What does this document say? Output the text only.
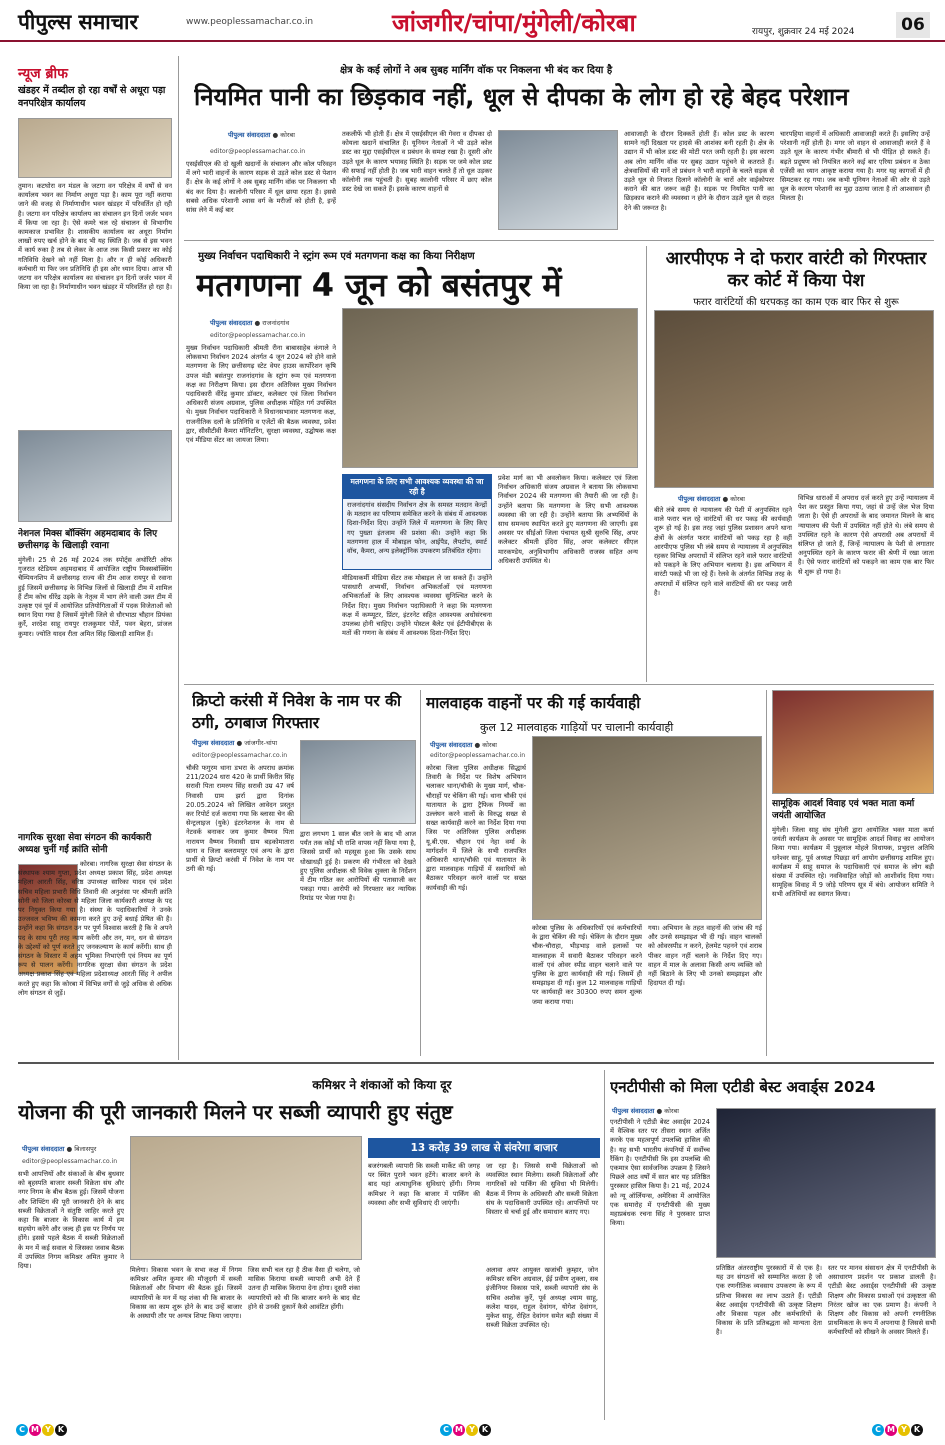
पीपुल्स समाचार	www.peoplessamachar.co.in	जांजगीर/चांपा/मुंगेली/कोरबा	रायपुर, शुक्रवार 24 मई 2024	06
न्यूज ब्रीफ
खंडहर में तब्दील हो रहा वर्षों से अधूरा पड़ा वनपरिक्षेत्र कार्यालय
तुमान। कटघोरा वन मंडल के जटगा वन परिक्षेत्र में वर्षों से वन कार्यालय भवन का निर्माण अधूरा पड़ा है। काम पूरा नहीं कराया जाने की वजह से निर्माणाधीन भवन खंडहर में परिवर्तित हो रही है। जटगा वन परिक्षेत्र कार्यालय का संचालन इन दिनों जर्जर भवन में किया जा रहा है। ऐसे कमरे चल रहे संचालन से विभागीय कामकाज प्रभावित है। शासकीय कार्यालय का अधूरा निर्माण लाखों रुपए खर्च होने के बाद भी यह स्थिति है। जब से इस भवन में कार्य रुका है तब से लेकर के आज तक किसी प्रकार का कोई गतिविधि देखने को नहीं मिला है। और न ही कोई अधिकारी कर्मचारी या फिर जन प्रतिनिधि ही इस ओर ध्यान दिया। आज भी जटगा वन परिक्षेत्र कार्यालय का संचालन इन दिनों जर्जर भवन में किया जा रहा है। निर्माणाधीन भवन खंडहर में परिवर्तित हो रहा है।
नेशनल मिक्स बॉक्सिंग अहमदाबाद के लिए छत्तीसगढ़ के खिलाड़ी रवाना
मुंगेली। 25 से 26 मई 2024 तक स्पोर्ट्स अथॉरिटी ऑफ गुजरात स्टेडियम अहमदाबाद में आयोजित राष्ट्रीय मिक्सबॉक्सिंग चैम्पियनशिप में छत्तीसगढ़ राज्य की टीम आज रायपुर से रवाना हुई जिसमें छत्तीसगढ़ के विभिन्न जिलों से खिलाड़ी टीम में शामिल हैं टीम कोच धीरेंद्र उइके के नेतृत्व में भाग लेने वाली उक्त टीम में उत्कृष्ट एवं पूर्व में आयोजित प्रतियोगिताओं में पदक विजेताओं को स्थान दिया गया है जिसमें मुंगेली जिले से धौरभाठा चौहान प्रियंका कुर्रे, शरदेश साहू रायपुर राजकुमार पोर्ते, पवन बेहरा, प्रांजल कुमार। ज्योति यादव रीता अमित सिंह खिलाड़ी शामिल हैं।
नागरिक सुरक्षा सेवा संगठन की कार्यकारी अध्यक्ष चुनीं गईं क्रांति सोनी
कोरबा। नागरिक सुरक्षा सेवा संगठन के संस्थापक श्याम गुप्ता, प्रदेश अध्यक्ष प्रकाश सिंह, प्रदेश अध्यक्ष महिला आरती सिंह, वरिष्ठ उपाध्यक्ष सारिका यादव एवं प्रदेश सचिव महिला प्रभारी विधि तिवारी की अनुशंसा पर श्रीमती क्रांति सोनी को जिला कोरबा से महिला जिला कार्यकारी अध्यक्ष के पद पर नियुक्त किया गया है। संस्था के पदाधिकारियों ने उनके उज्जवल भविष्य की कामना करते हुए उन्हें बधाई प्रेषित की है। उन्होंने कहा कि संगठन उन पर पूर्ण विश्वास करती है कि वे अपने पद के साथ पूरी तरह न्याय करेंगी और तन, मन, धन से संगठन के उद्देश्यों को पूर्ण करते हुए जनकल्याण के कार्य करेंगी। साथ ही संगठन के विस्तार में अहम भूमिका निभाएंगी एवं नियम का पूर्ण रूप से पालन करेंगी। नागरिक सुरक्षा सेवा संगठन के प्रदेश अध्यक्ष प्रकाश सिंह एवं महिला प्रदेशाध्यक्ष आरती सिंह ने अपील करते हुए कहा कि कोरबा में विभिन्न वर्गों से जुड़े अधिक से अधिक लोग संगठन से जुड़ें।
क्षेत्र के कई लोगों ने अब सुबह मार्निंग वॉक पर निकलना भी बंद कर दिया है
नियमित पानी का छिड़काव नहीं, धूल से दीपका के लोग हो रहे बेहद परेशान
पीपुल्स संवाददाता ● कोरबा
editor@peoplessamachar.co.in
एसईसीएल की दो खुली खदानों के संचालन और कोल परिवहन में लगे भारी वाहनों के कारण सड़क से उड़ते कोल डस्ट से पेशान हैं। क्षेत्र के कई लोगों ने अब सुबह मार्निंग वॉक पर निकलना भी बंद कर दिया है। कालोनी परिसर में धूल छाया रहता है। इससे सबसे अधिक परेशानी श्वास वर्ग के मरीजों को होती है, इन्हें सांस लेने में कई बार
तकलीफें भी होती हैं। क्षेत्र में एसईसीएल की गेवरा व दीपका दो कोयला खदानें संचालित हैं। यूनियन नेताओं ने भी उड़ते कोल डस्ट का मुद्दा एसईसीएल व प्रबंधन के समक्ष रखा है। दूसरी ओर उड़ते धूल के कारण भयावह स्थिति है। सड़क पर जमे कोल डस्ट की सफाई नहीं होती है। जब भारी वाहन चलते हैं तो धूल उड़कर कॉलोनी तक पहुंचती है। सुबह कालोनी परिसर में छाए कोल डस्ट देखे जा सकते हैं। इसके कारण वाहनों से
आवाजाही के दौरान दिक्कतें होती हैं। कोल डस्ट के कारण सामने नहीं दिखता पर हादसे की आशंका बनी रहती है। क्षेत्र के उद्यान में भी कोल डस्ट की मोटी परत जमी रहती है। इस कारण अब लोग मार्निंग वॉक पर सुबह उद्यान पहुंचने से कतराते हैं। क्षेत्रवासियों की मानें तो प्रबंधन ने भारी वाहनों के चलते सड़क से उड़ते धूल से निजात दिलाने कॉलोनी के चारों ओर वाईकोपरर कराने की बात जरूर कही है। सड़क पर नियमित पानी का छिड़काव कराने की व्यवस्था न होने के दौरान उड़ते धूल से राहत देने की जरूरत है।
चारपहिया वाहनों में अधिकारी आवाजाही करते हैं। इसलिए उन्हें परेशानी नहीं होती है। मगर जो वाहन से आवाजाही करते हैं वे उड़ते धूल के कारण गंभीर बीमारी से भी पीड़ित हो सकते हैं। बढ़ते प्रदूषण को नियंत्रित करने कई बार एरिया प्रबंधन व ठेका एजेंसी का ध्यान आकृष्ट कराया गया है। मगर यह कागजों में ही सिमटकर रह गया। जब कभी यूनियन नेताओं की ओर से उड़ते धूल के कारण परेशानी का मुद्दा उठाया जाता है तो आश्वासन ही मिलता है।
मुख्य निर्वाचन पदाधिकारी ने स्ट्रांग रूम एवं मतगणना कक्ष का किया निरीक्षण
मतगणना 4 जून को बसंतपुर में
पीपुल्स संवाददाता ● राजनांदगांव
editor@peoplessamachar.co.in
मुख्य निर्वाचन पदाधिकारी श्रीमती रीना बाबासाहेब कंगाले ने लोकसभा निर्वाचन 2024 अंतर्गत 4 जून 2024 को होने वाले मतगणना के लिए छत्तीसगढ़ स्टेट वेयर हाउस कार्पोरेशन कृषि उपज मंडी बसंतपुर राजनांदगांव के स्ट्रांग रूम एवं मतगणना कक्ष का निरीक्षण किया। इस दौरान अतिरिक्त मुख्य निर्वाचन पदाधिकारी वीरेंद्र कुमार डॉक्टर, कलेक्टर एवं जिला निर्वाचन अधिकारी संजय अग्रवाल, पुलिस अधीक्षक मोहित गर्ग उपस्थित थे। मुख्य निर्वाचन पदाधिकारी ने विधानसभावार मतगणना कक्ष, राजनीतिक दलों के प्रतिनिधि व एजेंटों की बैठक व्यवस्था, प्रवेश द्वार, सीसीटीवी कैमरा मॉनिटरिंग, सुरक्षा व्यवस्था, उद्घोषक कक्ष एवं मीडिया सेंटर का जायजा लिया।
मतगणना के लिए सभी आवश्यक व्यवस्था की जा रही है
राजनांदगांव संसदीय निर्वाचन क्षेत्र के समस्त मतदान केन्द्रों के मतदान का परिणाम समेकित करने के संबंध में आवश्यक दिशा-निर्देश दिए। उन्होंने जिले में मतगणना के लिए किए गए पुख्ता इंतजाम की प्रशंसा की। उन्होंने कहा कि मतगणना हाल में मोबाइल फोन, आईपैड, लैपटॉप, स्मार्ट वॉच, कैमरा, अन्य इलेक्ट्रॉनिक उपकरण प्रतिबंधित रहेगा।
मीडियाकर्मी मीडिया सेंटर तक मोबाइल ले जा सकते हैं। उन्होंने पासधारी अभ्यर्थी, निर्वाचन अभिकर्ताओं एवं मतगणना अभिकर्ताओं के लिए आवश्यक व्यवस्था सुनिश्चित करने के निर्देश दिए। मुख्य निर्वाचन पदाधिकारी ने कहा कि मतगणना कक्ष में कम्प्यूटर, प्रिंटर, इंटरनेट सहित आवश्यक अधोसंरचना उपलब्ध होनी चाहिए। उन्होंने पोस्टल बैलेट एवं ईटीपीबीएस के मतों की गणना के संबंध में आवश्यक दिशा-निर्देश दिए।
प्रवेश मार्ग का भी अवलोकन किया। कलेक्टर एवं जिला निर्वाचन अधिकारी संजय अग्रवाल ने बताया कि लोकसभा निर्वाचन 2024 की मतगणना की तैयारी की जा रही है। उन्होंने बताया कि मतगणना के लिए सभी आवश्यक व्यवस्था की जा रही है। उन्होंने बताया कि अभ्यर्थियों के साथ समन्वय स्थापित करते हुए मतगणना की जाएगी। इस अवसर पर सीईओ जिला पंचायत सुश्री सुरुचि सिंह, अपर कलेक्टर श्रीमती इंदिरा सिंह, अपर कलेक्टर सीएल मारकण्डेय, अनुविभागीय अधिकारी राजस्व सहित अन्य अधिकारी उपस्थित थे।
आरपीएफ ने दो फरार वारंटी को गिरफ्तार कर कोर्ट में किया पेश
फरार वारंटियों की धरपकड़ का काम एक बार फिर से शुरू
पीपुल्स संवाददाता ● कोरबा
बीते लंबे समय से न्यायालय की पेशी में अनुपस्थित रहने वाले फरार चल रहे वारंटियों की धर पकड़ की कार्यवाही शुरू हो गई है। इस तरह जहां पुलिस प्रशासन अपने थाना क्षेत्रों के अंतर्गत फरार वारंटियों को पकड़ रहा है वहीं आरपीएफ पुलिस भी लंबे समय से न्यायालय में अनुपस्थित रहकर विभिन्न अपराधों में संलिप्त रहने वाले फरार वारंटियों को पकड़ने के लिए अभियान चलाया है। इस अभियान में वारंटी पकड़े भी जा रहे हैं। रेलवे के अंतर्गत विभिन्न तरह के अपराधों में संलिप्त रहने वाले वारंटियों की धर पकड़ जारी है।
विभिन्न धाराओं में अपराध दर्ज करते हुए उन्हें न्यायालय में पेश कर प्रस्तुत किया गया, जहां से उन्हें जेल भेज दिया जाता है। ऐसे ही अपराधों के बाद जमानत मिलने के बाद न्यायालय की पेशी में उपस्थित नहीं होते थे। लंबे समय से उपस्थित रहने के कारण ऐसे अपराधी अब अपराधों में संलिप्त हो जाते हैं, जिन्हें न्यायालय के पेशी से लगातार अनुपस्थित रहने के कारण फरार की श्रेणी में रखा जाता है। ऐसे फरार वारंटियों को पकड़ने का काम एक बार फिर से शुरू हो गया है।
क्रिप्टो करंसी में निवेश के नाम पर की ठगी, ठगबाज गिरफ्तार
पीपुल्स संवाददाता ● जांजगीर-चांपा
editor@peoplessamachar.co.in
चौकी फगुरम थाना डभरा के अपराध क्रमांक 211/2024 धारा 420 के प्रार्थी किरीत सिंह सरावी पिता रामरुप सिंह सरावी उम्र 47 वर्ष निवासी ग्राम झर्रा द्वारा दिनांक 20.05.2024 को लिखित आवेदन प्रस्तुत कर रिपोर्ट दर्ज कराया गया कि ब्लासा चेन की सेन्ट्रलाइज (युके) इंटरनेशनल के नाम से नेटवर्क बनाकर जय कुमार वैष्णव पिता नारायण वैष्णव निवासी ग्राम बड़कोमातारा थाना व जिला बलरामपुर एवं अन्य के द्वारा प्रार्थी से क्रिप्टो करंसी में निवेश के नाम पर ठगी की गई।
द्वारा लगभग 1 साल बीत जाने के बाद भी आज पर्यंत तक कोई भी राशि वापस नहीं किया गया है, जिससे प्रार्थी को महसूस हुआ कि उसके साथ धोखाधड़ी हुई है। प्रकरण की गंभीरता को देखते हुए पुलिस अधीक्षक श्री विवेक शुक्ला के निर्देशन में टीम गठित कर आरोपियों की पतासाजी कर पकड़ा गया। आरोपी को गिरफ्तार कर न्यायिक रिमांड पर भेजा गया है।
मालवाहक वाहनों पर की गई कार्यवाही
कुल 12 मालवाहक गाड़ियों पर चालानी कार्यवाही
पीपुल्स संवाददाता ● कोरबा
editor@peoplessamachar.co.in
कोरबा जिला पुलिस अधीक्षक सिद्धार्थ तिवारी के निर्देश पर विशेष अभियान चलाकर थाना/चौकी के मुख्य मार्ग, चौक-चौराहों पर चेकिंग की गई। थाना चौकी एवं यातायात के द्वारा ट्रैफिक नियमों का उल्लंघन करने वालों के विरुद्ध सख्त से सख्त कार्यवाही करने का निर्देश दिया गया जिस पर अतिरिक्त पुलिस अधीक्षक यू.बी.एस. चौहान एवं नेहा वर्मा के मार्गदर्शन में जिले के सभी राजपत्रित अधिकारी थाना/चौकी एवं यातायात के द्वारा मालवाहक गाड़ियों में सवारियों को बैठाकर परिवहन करने वालों पर सख्त कार्यवाही की गई।
कोरबा पुलिस के अधिकारियों एवं कर्मचारियों के द्वारा चेकिंग की गई। चेकिंग के दौरान मुख्य चौक-चौराहा, भीड़भाड़ वाले इलाकों पर मालवाहक में सवारी बैठाकर परिवहन करने वालों एवं ओवर स्पीड वाहन चलाने वाले पर पुलिस के द्वारा कार्यवाही की गई। जिसमें ही समझाइश दी गई। कुल 12 मालवाहक गाड़ियों पर कार्यवाही कर 30300 रुपए समन शुल्क जमा कराया गया।
गया। अभियान के तहत वाहनों की जांच की गई और उनसे समझाइश भी दी गई। वाहन चालकों को ओवरस्पीड न करने, हेलमेट पहनने एवं शराब पीकर वाहन नहीं चलाने के निर्देश दिए गए। वाहन में माल के अलावा किसी अन्य व्यक्ति को नहीं बिठाने के लिए भी उनको समझाइश और हिदायत दी गई।
सामूहिक आदर्श विवाह एवं भक्त माता कर्मा जयंती आयोजित
मुंगेली। जिला साहू संघ मुंगेली द्वारा आयोजित भक्त माता कर्मा जयंती कार्यक्रम के अवसर पर सामूहिक आदर्श विवाह का आयोजन किया गया। कार्यक्रम में पुन्नूलाल मोहले विधायक, प्रभुदत्त अतिथि धनेश्वर साहू, पूर्व अध्यक्ष पिछड़ा वर्ग आयोग छत्तीसगढ़ शामिल हुए। कार्यक्रम में साहू समाज के पदाधिकारी एवं समाज के लोग बड़ी संख्या में उपस्थित रहे। नवविवाहित जोड़ों को आशीर्वाद दिया गया। सामूहिक विवाह में 9 जोड़े परिणय सूत्र में बंधे। आयोजन समिति ने सभी अतिथियों का स्वागत किया।
कमिश्नर ने शंकाओं को किया दूर
योजना की पूरी जानकारी मिलने पर सब्जी व्यापारी हुए संतुष्ट
पीपुल्स संवाददाता ● बिलासपुर
editor@peoplessamachar.co.in
सभी आपत्तियों और संकाओं के बीच बुधवार को बृहस्पति बाजार सब्जी विक्रेता संघ और नगर निगम के बीच बैठक हुई। जिसमें योजना और शिफ्टिंग की पूरी जानकारी देने के बाद सब्जी विक्रेताओं ने संतुष्टि जाहिर करते हुए कहा कि बाजार के विकास कार्य में हम सहयोग करेंगे और जल्द ही इस पर निर्णय पर होंगे। इससे पहले बैठक में सब्जी विक्रेताओं के मन में कई सवाल थे जिसका जवाब बैठक में उपस्थित निगम कमिश्नर अमित कुमार ने दिया।
13 करोड़ 39 लाख से संवरेगा बाजार
मिलेगा। विकास भवन के सभा कक्ष में निगम कमिश्नर अमित कुमार की मौजूदगी में सब्जी विक्रेताओं और विभाग की बैठक हुई। जिसमें व्यापारियों के मन में यह शंका थी कि बाजार के विकास का काम शुरू होने के बाद उन्हें बाजार के अस्थायी तौर पर अन्यत्र शिफ्ट किया जाएगा।
जिस सभी चल रहा है ठीक वैसा ही चलेगा, जो मासिक किराया सब्जी व्यापारी अभी देते हैं उतना ही मासिक किराया देना होगा। दूसरी शंका व्यापारियों को थी कि बाजार बनने के बाद सेट होने से उनकी दुकानें कैसे आवंटित होंगी।
बजरंगबली व्यापारी कि सब्जी मार्केट की जगह पर स्थित पुराने भवन हटेंगे। बाजार बनने के बाद यहां अत्याधुनिक सुविधाएं होंगी। निगम कमिश्नर ने कहा कि बाजार में पार्किंग की व्यवस्था और सभी सुविधाएं दी जाएंगी।
जा रहा है। जिससे सभी विक्रेताओं को व्यवस्थित स्थान मिलेगा। सब्जी विक्रेताओं और नागरिकों को पार्किंग की सुविधा भी मिलेगी। बैठक में निगम के अधिकारी और सब्जी विक्रेता संघ के पदाधिकारी उपस्थित रहे। आपत्तियों पर विस्तार से चर्चा हुई और समाधान बताए गए।
अलावा अपर आयुक्त खजांची कुम्हार, जोन कमिश्नर सचिन अग्रवाल, ईई प्रवीण शुक्ला, सब इंजीनियर विकास पात्रे, सब्जी व्यापारी संघ के सचिव अशोक कुर्रे, पूर्व अध्यक्ष श्याम साहू, कलेश यादव, राहुल देवांगन, योगेश देवांगन, मुकेश साहू, रोहित देवांगन समेत बड़ी संख्या में सब्जी विक्रेता उपस्थित रहे।
एनटीपीसी को मिला एटीडी बेस्ट अवार्ड्स 2024
पीपुल्स संवाददाता ● कोरबा
एनटीपीसी ने एटीडी बेस्ट अवार्ड्स 2024 में वैश्विक स्तर पर तीसरा स्थान अर्जित करके एक महत्वपूर्ण उपलब्धि हासिल की है। यह सभी भारतीय कंपनियों में सर्वोच्च रैंकिंग है। एनटीपीसी कि इस उपलब्धि की एकमात्र ऐसा सार्वजनिक उपक्रम है जिसने पिछले आठ वर्षों में सात बार यह प्रतिष्ठित पुरस्कार हासिल किया है। 21 मई, 2024 को न्यू ऑर्लियन्स, अमेरिका में आयोजित एक समारोह में एनटीपीसी की मुख्य महाप्रबंधक रचना सिंह ने पुरस्कार प्राप्त किया।
प्रतिष्ठित अंतरराष्ट्रीय पुरस्कारों में से एक है। यह उन संगठनों को सम्मानित करता है जो एक रणनीतिक व्यवसाय उपकरण के रूप में प्रतिभा विकास का लाभ उठाते हैं। एटीडी बेस्ट अवार्ड्स एनटीपीसी की उत्कृष्ट शिक्षण और विकास पहल और कर्मचारियों के विकास के प्रति प्रतिबद्धता को मान्यता देता है।
स्तर पर मानव संसाधन क्षेत्र में एनटीपीसी के असाधारण प्रदर्शन पर प्रकाश डालती है। एटीडी बेस्ट अवार्ड्स एनटीपीसी की उत्कृष्ट शिक्षण और विकास प्रथाओं एवं उत्कृष्टता की निरंतर खोज का एक प्रमाण है। कंपनी ने शिक्षण और विकास को अपनी रणनीतिक प्राथमिकता के रूप में अपनाया है जिससे सभी कर्मचारियों को सीखने के अवसर मिलते हैं।
C M Y K	C M Y K	C M Y K
